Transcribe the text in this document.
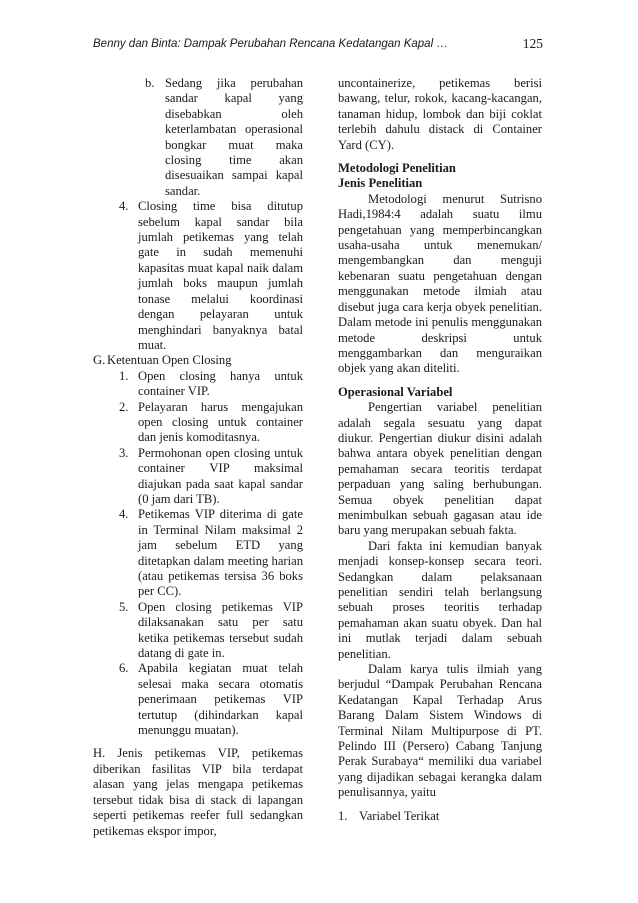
Benny dan Binta: Dampak Perubahan Rencana Kedatangan Kapal …	125
b. Sedang jika perubahan sandar kapal yang disebabkan oleh keterlambatan operasional bongkar muat maka closing time akan disesuaikan sampai kapal sandar.
4. Closing time bisa ditutup sebelum kapal sandar bila jumlah petikemas yang telah gate in sudah memenuhi kapasitas muat kapal naik dalam jumlah boks maupun jumlah tonase melalui koordinasi dengan pelayaran untuk menghindari banyaknya batal muat.
G. Ketentuan Open Closing
1. Open closing hanya untuk container VIP.
2. Pelayaran harus mengajukan open closing untuk container dan jenis komoditasnya.
3. Permohonan open closing untuk container VIP maksimal diajukan pada saat kapal sandar (0 jam dari TB).
4. Petikemas VIP diterima di gate in Terminal Nilam maksimal 2 jam sebelum ETD yang ditetapkan dalam meeting harian (atau petikemas tersisa 36 boks per CC).
5. Open closing petikemas VIP dilaksanakan satu per satu ketika petikemas tersebut sudah datang di gate in.
6. Apabila kegiatan muat telah selesai maka secara otomatis penerimaan petikemas VIP tertutup (dihindarkan kapal menunggu muatan).

H. Jenis petikemas VIP, petikemas diberikan fasilitas VIP bila terdapat alasan yang jelas mengapa petikemas tersebut tidak bisa di stack di lapangan seperti petikemas reefer full sedangkan petikemas ekspor impor,

uncontainerize, petikemas berisi bawang, telur, rokok, kacang-kacangan, tanaman hidup, lombok dan biji coklat terlebih dahulu distack di Container Yard (CY).

Metodologi Penelitian
Jenis Penelitian

Metodologi menurut Sutrisno Hadi,1984:4 adalah suatu ilmu pengetahuan yang memperbincangkan usaha-usaha untuk menemukan/ mengembangkan dan menguji kebenaran suatu pengetahuan dengan menggunakan metode ilmiah atau disebut juga cara kerja obyek penelitian. Dalam metode ini penulis menggunakan metode deskripsi untuk menggambarkan dan menguraikan objek yang akan diteliti.

Operasional Variabel

Pengertian variabel penelitian adalah segala sesuatu yang dapat diukur. Pengertian diukur disini adalah bahwa antara obyek penelitian dengan pemahaman secara teoritis terdapat perpaduan yang saling berhubungan. Semua obyek penelitian dapat menimbulkan sebuah gagasan atau ide baru yang merupakan sebuah fakta.

Dari fakta ini kemudian banyak menjadi konsep-konsep secara teori. Sedangkan dalam pelaksanaan penelitian sendiri telah berlangsung sebuah proses teoritis terhadap pemahaman akan suatu obyek. Dan hal ini mutlak terjadi dalam sebuah penelitian.

Dalam karya tulis ilmiah yang berjudul “Dampak Perubahan Rencana Kedatangan Kapal Terhadap Arus Barang Dalam Sistem Windows di Terminal Nilam Multipurpose di PT. Pelindo III (Persero) Cabang Tanjung Perak Surabaya“ memiliki dua variabel yang dijadikan sebagai kerangka dalam penulisannya, yaitu

1. Variabel Terikat
